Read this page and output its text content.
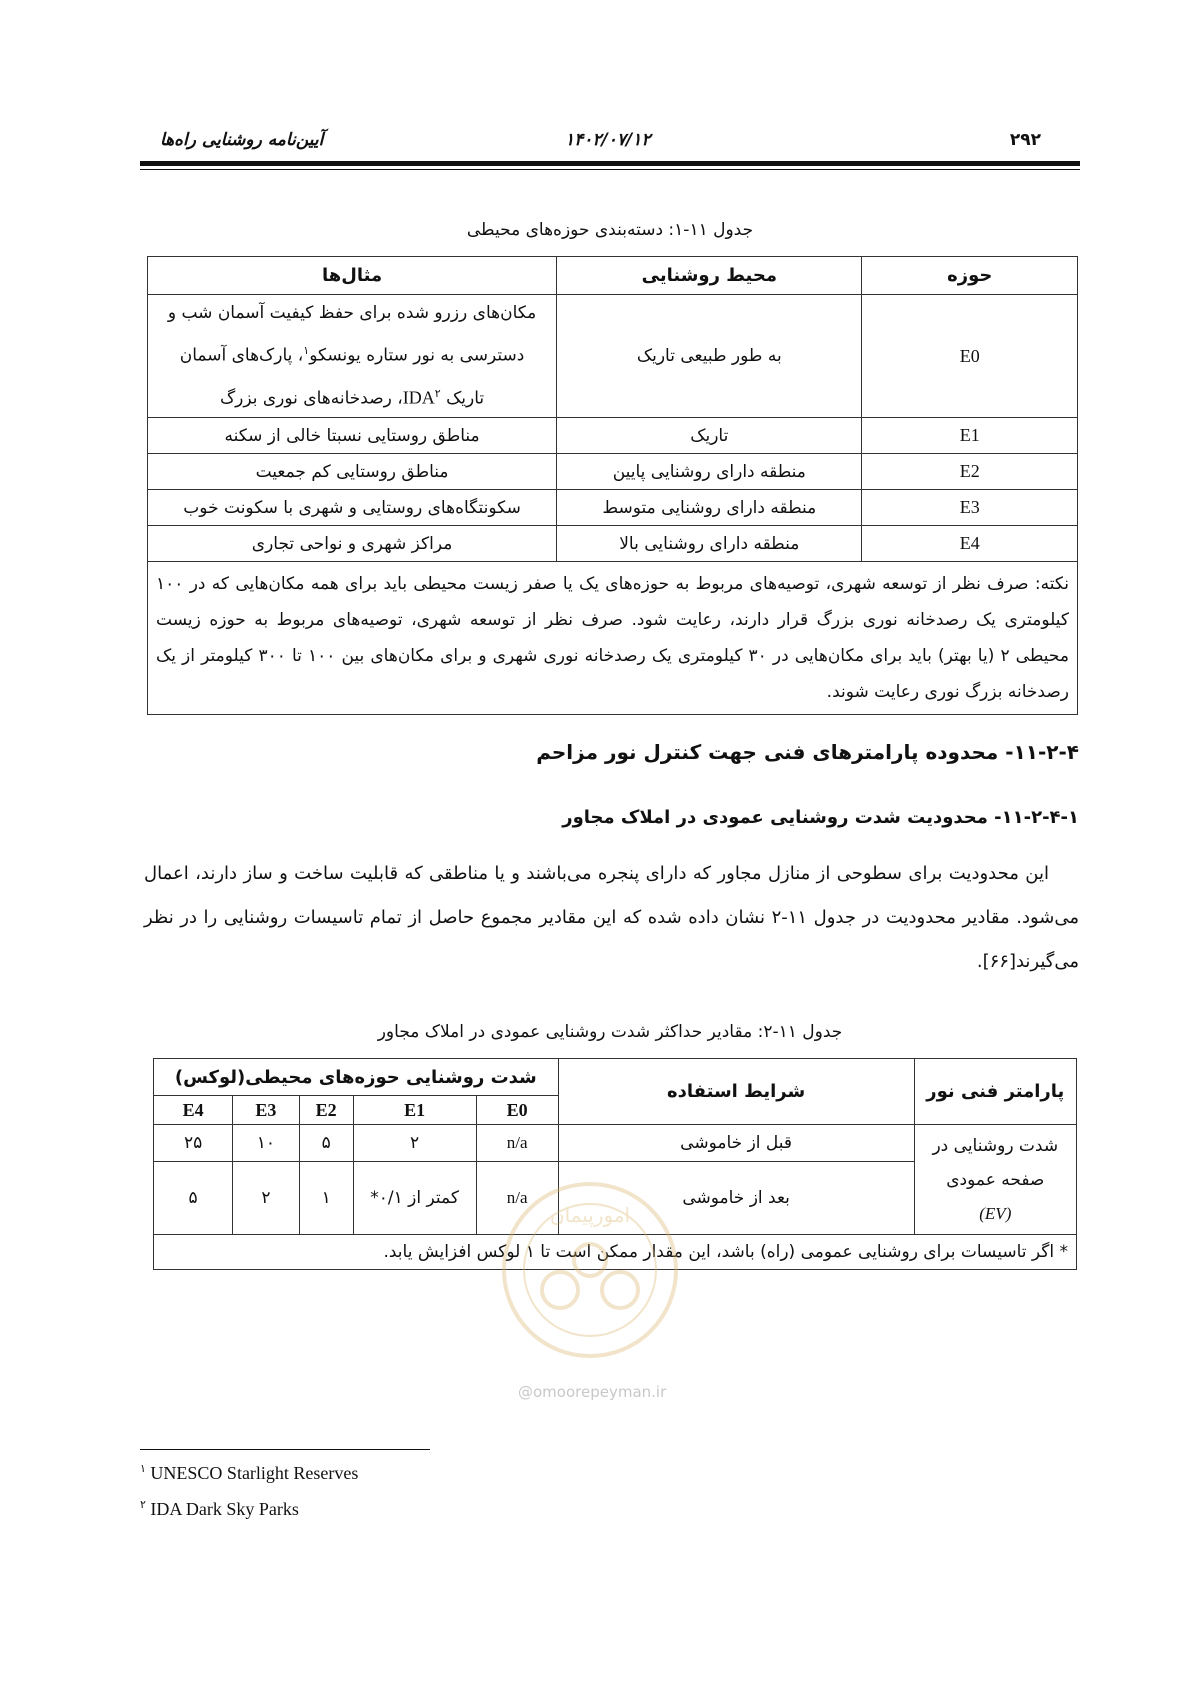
۲۹۲
۱۴۰۲/۰۷/۱۲
آیین‌نامه روشنایی راه‌ها
جدول ۱۱-۱: دسته‌بندی حوزه‌های محیطی
حوزه	محیط روشنایی	مثال‌ها
E0	به طور طبیعی تاریک	مکان‌های رزرو شده برای حفظ کیفیت آسمان شب و
دسترسی به نور ستاره یونسکو$^۱$، پارک‌های آسمان
تاریک IDA$^۲$، رصدخانه‌های نوری بزرگ

E1	تاریک	مناطق روستایی نسبتا خالی از سکنه
E2	منطقه دارای روشنایی پایین	مناطق روستایی کم جمعیت
E3	منطقه دارای روشنایی متوسط	سکونتگاه‌های روستایی و شهری با سکونت خوب
E4	منطقه دارای روشنایی بالا	مراکز شهری و نواحی تجاری
نکته: صرف نظر از توسعه شهری، توصیه‌های مربوط به حوزه‌های یک یا صفر زیست محیطی باید برای همه مکان‌هایی که در ۱۰۰ کیلومتری یک رصدخانه نوری بزرگ قرار دارند، رعایت شود. صرف نظر از توسعه شهری، توصیه‌های مربوط به حوزه زیست محیطی ۲ (یا بهتر) باید برای مکان‌هایی در ۳۰ کیلومتری یک رصدخانه نوری شهری و برای مکان‌های بین ۱۰۰ تا ۳۰۰ کیلومتر از یک رصدخانه بزرگ نوری رعایت شوند.		
۱۱-۲-۴- محدوده پارامترهای فنی جهت کنترل نور مزاحم
۱۱-۲-۴-۱- محدودیت شدت روشنایی عمودی در املاک مجاور
این محدودیت برای سطوحی از منازل مجاور که دارای پنجره می‌باشند و یا مناطقی که قابلیت ساخت و ساز دارند، اعمال می‌شود. مقادیر محدودیت در جدول ۱۱-۲ نشان داده شده که این مقادیر مجموع حاصل از تمام تاسیسات روشنایی را در نظر می‌گیرند[۶۶].
جدول ۱۱-۲: مقادیر حداکثر شدت روشنایی عمودی در املاک مجاور
پارامتر فنی نور	شرایط استفاده	شدت روشنایی حوزه‌های محیطی(لوکس)				
		E0	E1	E2	E3	E4

شدت روشنایی در
صفحه عمودی
(EV)	قبل از خاموشی	n/a	۲	۵	۱۰	۲۵
	بعد از خاموشی	n/a	کمتر از ۰/۱*	۱	۲	۵
* اگر تاسیسات برای روشنایی عمومی (راه) باشد، این مقدار ممکن است تا ۱ لوکس افزایش یابد.						
امورپیمان
@omoorepeyman.ir
$^۱$ UNESCO Starlight Reserves
$^۲$ IDA Dark Sky Parks
